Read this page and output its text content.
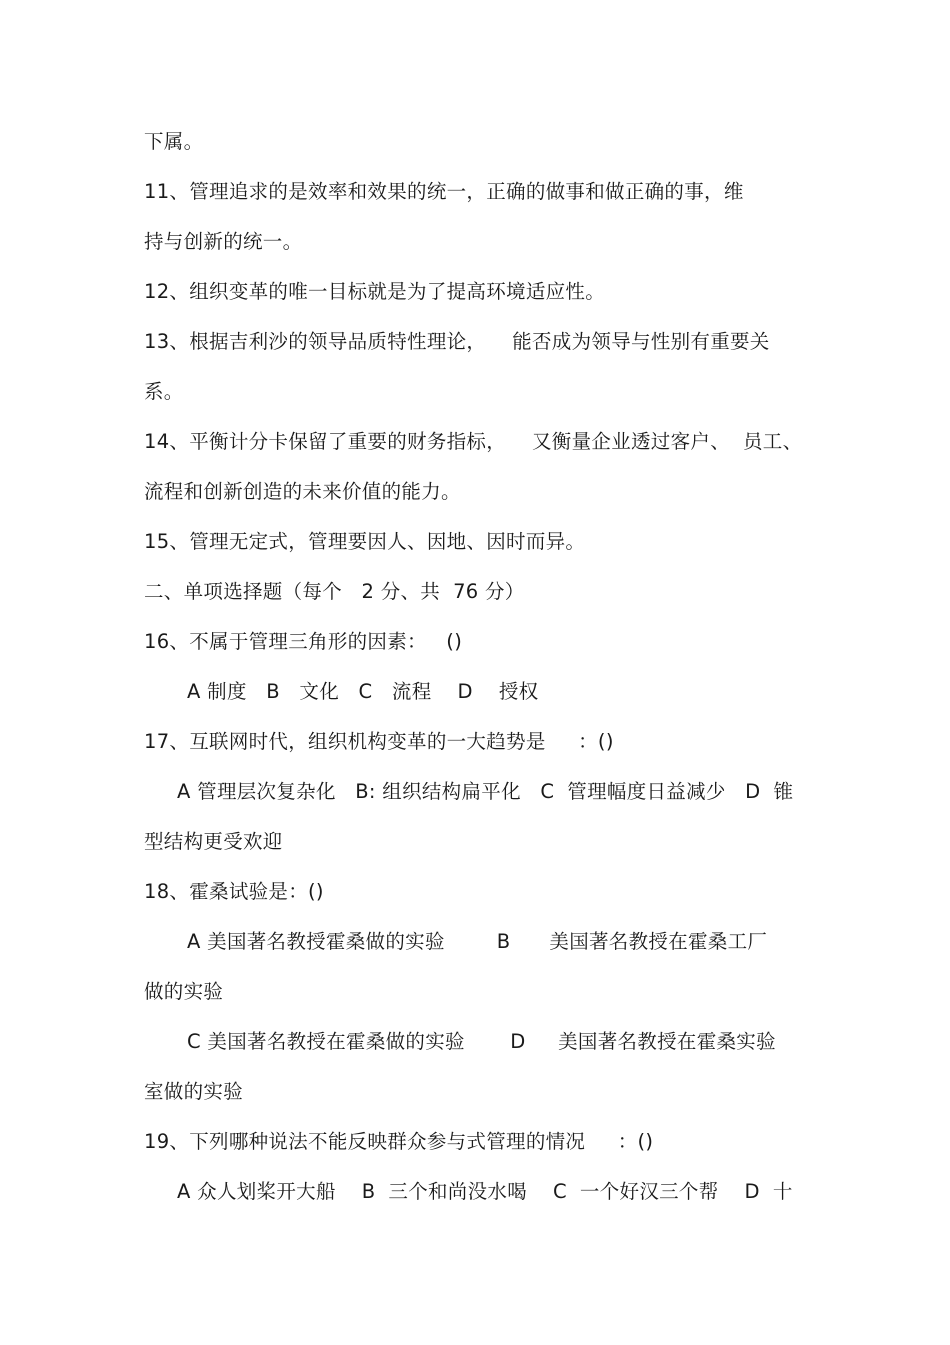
下属。
11、管理追求的是效率和效果的统一，正确的做事和做正确的事，维
持与创新的统一。
12、组织变革的唯一目标就是为了提高环境适应性。
13、根据吉利沙的领导品质特性理论，    能否成为领导与性别有重要关
系。
14、平衡计分卡保留了重要的财务指标，    又衡量企业透过客户、  员工、
流程和创新创造的未来价值的能力。
15、管理无定式，管理要因人、因地、因时而异。
二、单项选择题（每个   2 分、共  76 分）
16、不属于管理三角形的因素：   ()
A 制度   B   文化   C   流程    D    授权
17、互联网时代，组织机构变革的一大趋势是     ：()
A 管理层次复杂化   B: 组织结构扁平化   C  管理幅度日益减少   D  锥
型结构更受欢迎
18、霍桑试验是：()
A 美国著名教授霍桑做的实验        B      美国著名教授在霍桑工厂
做的实验
C 美国著名教授在霍桑做的实验       D     美国著名教授在霍桑实验
室做的实验
19、下列哪种说法不能反映群众参与式管理的情况     ：()
A 众人划桨开大船    B  三个和尚没水喝    C  一个好汉三个帮    D  十
